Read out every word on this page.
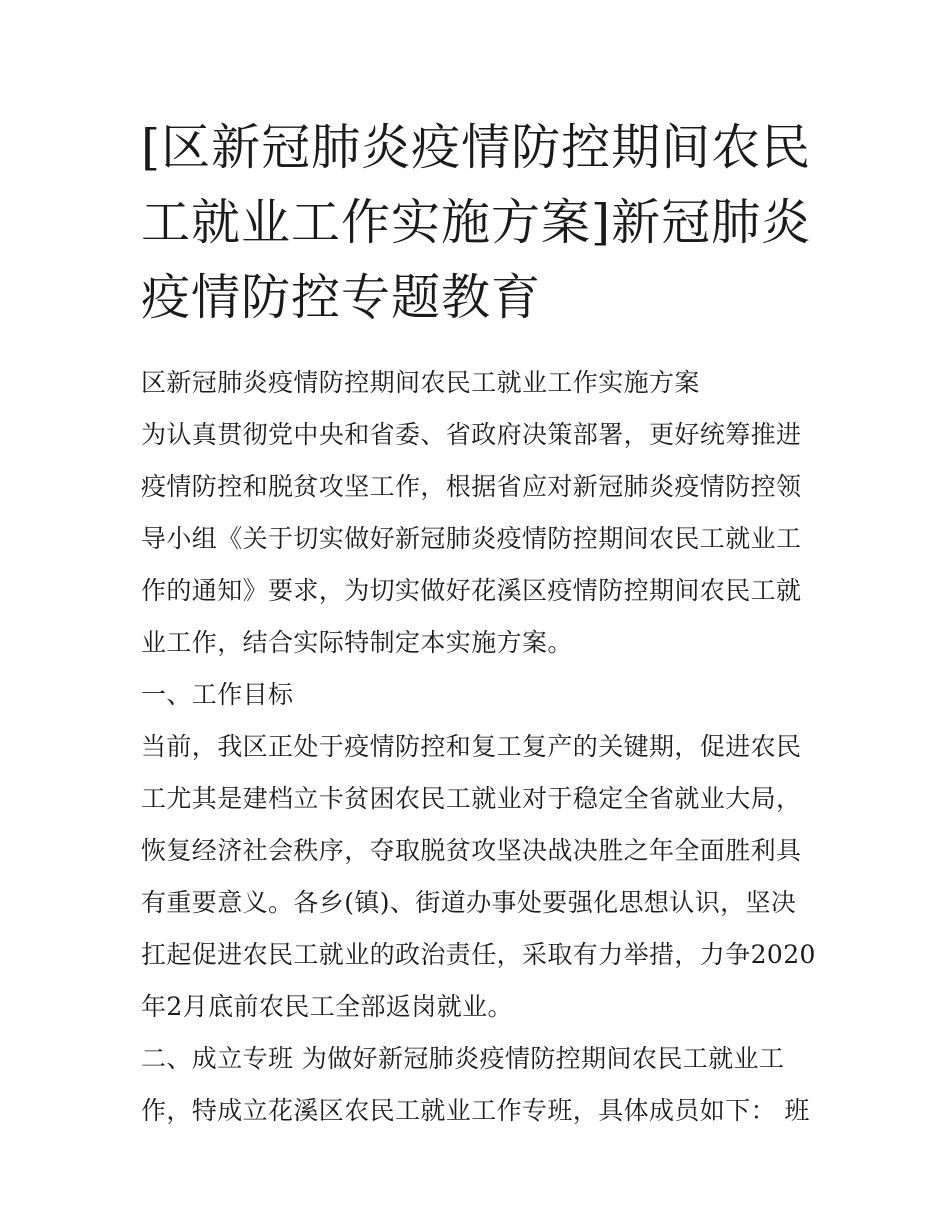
[区新冠肺炎疫情防控期间农民工就业工作实施方案]新冠肺炎疫情防控专题教育

区新冠肺炎疫情防控期间农民工就业工作实施方案

为认真贯彻党中央和省委、省政府决策部署，更好统筹推进疫情防控和脱贫攻坚工作，根据省应对新冠肺炎疫情防控领导小组《关于切实做好新冠肺炎疫情防控期间农民工就业工作的通知》要求，为切实做好花溪区疫情防控期间农民工就业工作，结合实际特制定本实施方案。

一、工作目标

当前，我区正处于疫情防控和复工复产的关键期，促进农民工尤其是建档立卡贫困农民工就业对于稳定全省就业大局，恢复经济社会秩序，夺取脱贫攻坚决战决胜之年全面胜利具有重要意义。各乡(镇)、街道办事处要强化思想认识，坚决扛起促进农民工就业的政治责任，采取有力举措，力争2020年2月底前农民工全部返岗就业。

二、成立专班 为做好新冠肺炎疫情防控期间农民工就业工作，特成立花溪区农民工就业工作专班，具体成员如下： 班
